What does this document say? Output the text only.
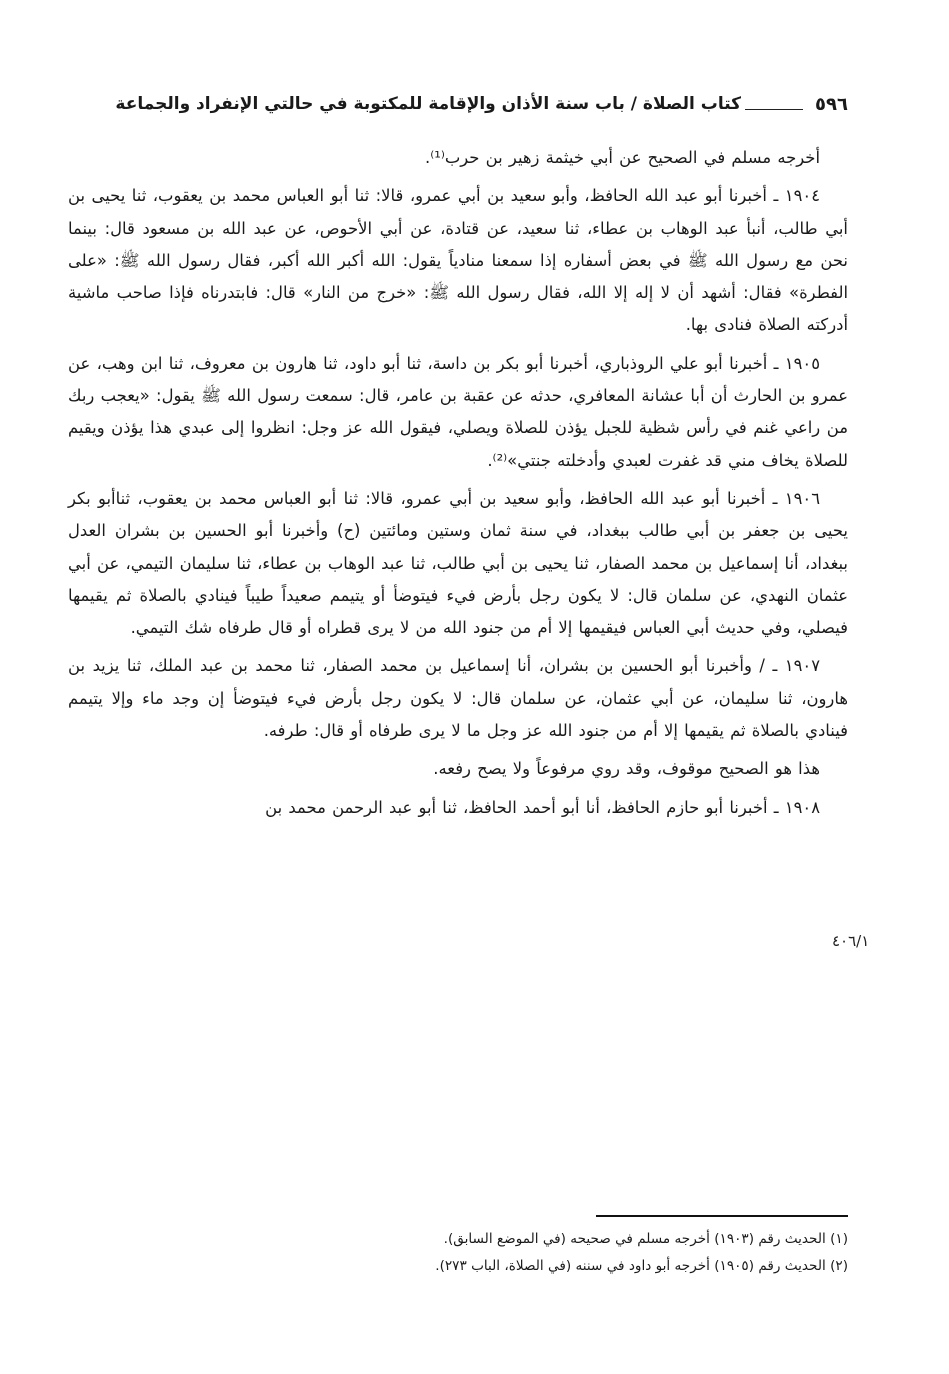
٥٩٦
كتاب الصلاة / باب سنة الأذان والإقامة للمكتوبة في حالتي الإنفراد والجماعة

أخرجه مسلم في الصحيح عن أبي خيثمة زهير بن حرب⁽¹⁾.

١٩٠٤ ـ أخبرنا أبو عبد الله الحافظ، وأبو سعيد بن أبي عمرو، قالا: ثنا أبو العباس محمد بن يعقوب، ثنا يحيى بن أبي طالب، أنبأ عبد الوهاب بن عطاء، ثنا سعيد، عن قتادة، عن أبي الأحوص، عن عبد الله بن مسعود قال: بينما نحن مع رسول الله ﷺ في بعض أسفاره إذا سمعنا منادياً يقول: الله أكبر الله أكبر، فقال رسول الله ﷺ: «على الفطرة» فقال: أشهد أن لا إله إلا الله، فقال رسول الله ﷺ: «خرج من النار» قال: فابتدرناه فإذا صاحب ماشية أدركته الصلاة فنادى بها.

١٩٠٥ ـ أخبرنا أبو علي الروذباري، أخبرنا أبو بكر بن داسة، ثنا أبو داود، ثنا هارون بن معروف، ثنا ابن وهب، عن عمرو بن الحارث أن أبا عشانة المعافري، حدثه عن عقبة بن عامر، قال: سمعت رسول الله ﷺ يقول: «يعجب ربك من راعي غنم في رأس شظية للجبل يؤذن للصلاة ويصلي، فيقول الله عز وجل: انظروا إلى عبدي هذا يؤذن ويقيم للصلاة يخاف مني قد غفرت لعبدي وأدخلته جنتي»⁽²⁾.

١٩٠٦ ـ أخبرنا أبو عبد الله الحافظ، وأبو سعيد بن أبي عمرو، قالا: ثنا أبو العباس محمد بن يعقوب، ثناأبو بكر يحيى بن جعفر بن أبي طالب ببغداد، في سنة ثمان وستين ومائتين (ح) وأخبرنا أبو الحسين بن بشران العدل ببغداد، أنا إسماعيل بن محمد الصفار، ثنا يحيى بن أبي طالب، ثنا عبد الوهاب بن عطاء، ثنا سليمان التيمي، عن أبي عثمان النهدي، عن سلمان قال: لا يكون رجل بأرض فيء فيتوضأ أو يتيمم صعيداً طيباً فينادي بالصلاة ثم يقيمها فيصلي، وفي حديث أبي العباس فيقيمها إلا أم من جنود الله من لا يرى قطراه أو قال طرفاه شك التيمي.

١٩٠٧ ـ / وأخبرنا أبو الحسين بن بشران، أنا إسماعيل بن محمد الصفار، ثنا محمد بن عبد الملك، ثنا يزيد بن هارون، ثنا سليمان، عن أبي عثمان، عن سلمان قال: لا يكون رجل بأرض فيء فيتوضأ إن وجد ماء وإلا يتيمم فينادي بالصلاة ثم يقيمها إلا أم من جنود الله عز وجل ما لا يرى طرفاه أو قال: طرفه.

هذا هو الصحيح موقوف، وقد روي مرفوعاً ولا يصح رفعه.

١٩٠٨ ـ أخبرنا أبو حازم الحافظ، أنا أبو أحمد الحافظ، ثنا أبو عبد الرحمن محمد بن

٤٠٦/١
(١) الحديث رقم (١٩٠٣) أخرجه مسلم في صحيحه (في الموضع السابق).
(٢) الحديث رقم (١٩٠٥) أخرجه أبو داود في سننه (في الصلاة، الباب ٢٧٣).
